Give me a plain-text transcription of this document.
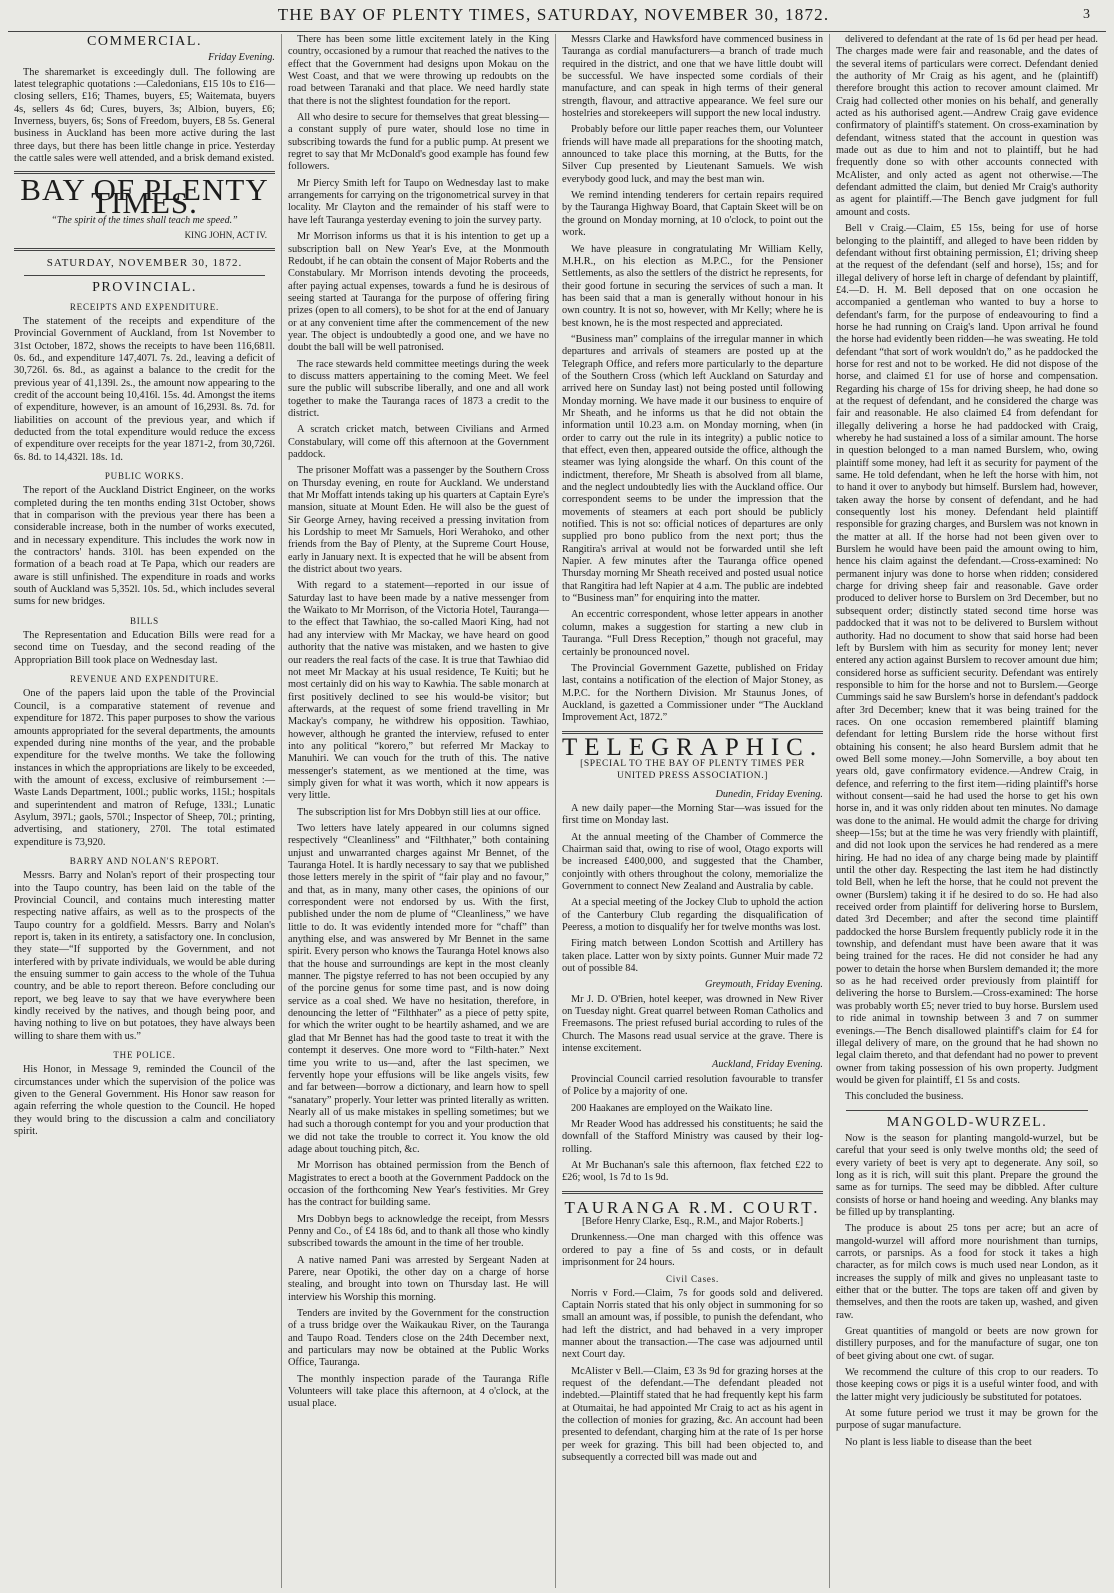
THE BAY OF PLENTY TIMES, SATURDAY, NOVEMBER 30, 1872.	3
COMMERCIAL.
Friday Evening.

The sharemarket is exceedingly dull. The following are latest telegraphic quotations :—Caledonians, £15 10s to £16—closing sellers, £16; Thames, buyers, £5; Waitemata, buyers 4s, sellers 4s 6d; Cures, buyers, 3s; Albion, buyers, £6; Inverness, buyers, 6s; Sons of Freedom, buyers, £8 5s. General business in Auckland has been more active during the last three days, but there has been little change in price. Yesterday the cattle sales were well attended, and a brisk demand existed.

BAY OF PLENTY TIMES.
“The spirit of the times shall teach me speed.”
KING JOHN, ACT IV.
SATURDAY, NOVEMBER 30, 1872.
PROVINCIAL.
RECEIPTS AND EXPENDITURE.

The statement of the receipts and expenditure of the Provincial Government of Auckland, from 1st November to 31st October, 1872, shows the receipts to have been 116,681l. 0s. 6d., and expenditure 147,407l. 7s. 2d., leaving a deficit of 30,726l. 6s. 8d., as against a balance to the credit for the previous year of 41,139l. 2s., the amount now appearing to the credit of the account being 10,416l. 15s. 4d. Amongst the items of expenditure, however, is an amount of 16,293l. 8s. 7d. for liabilities on account of the previous year, and which if deducted from the total expenditure would reduce the excess of expenditure over receipts for the year 1871-2, from 30,726l. 6s. 8d. to 14,432l. 18s. 1d.

PUBLIC WORKS.

The report of the Auckland District Engineer, on the works completed during the ten months ending 31st October, shows that in comparison with the previous year there has been a considerable increase, both in the number of works executed, and in necessary expenditure. This includes the work now in the contractors' hands. 310l. has been expended on the formation of a beach road at Te Papa, which our readers are aware is still unfinished. The expenditure in roads and works south of Auckland was 5,352l. 10s. 5d., which includes several sums for new bridges.

BILLS

The Representation and Education Bills were read for a second time on Tuesday, and the second reading of the Appropriation Bill took place on Wednesday last.

REVENUE AND EXPENDITURE.

One of the papers laid upon the table of the Provincial Council, is a comparative statement of revenue and expenditure for 1872. This paper purposes to show the various amounts appropriated for the several departments, the amounts expended during nine months of the year, and the probable expenditure for the twelve months. We take the following instances in which the appropriations are likely to be exceeded, with the amount of excess, exclusive of reimbursement :—Waste Lands Department, 100l.; public works, 115l.; hospitals and superintendent and matron of Refuge, 133l.; Lunatic Asylum, 397l.; gaols, 570l.; Inspector of Sheep, 70l.; printing, advertising, and stationery, 270l. The total estimated expenditure is 73,920.

BARRY AND NOLAN'S REPORT.

Messrs. Barry and Nolan's report of their prospecting tour into the Taupo country, has been laid on the table of the Provincial Council, and contains much interesting matter respecting native affairs, as well as to the prospects of the Taupo country for a goldfield. Messrs. Barry and Nolan's report is, taken in its entirety, a satisfactory one. In conclusion, they state—“If supported by the Government, and not interfered with by private individuals, we would be able during the ensuing summer to gain access to the whole of the Tuhua country, and be able to report thereon. Before concluding our report, we beg leave to say that we have everywhere been kindly received by the natives, and though being poor, and having nothing to live on but potatoes, they have always been willing to share them with us.”

THE POLICE.

His Honor, in Message 9, reminded the Council of the circumstances under which the supervision of the police was given to the General Government. His Honor saw reason for again referring the whole question to the Council. He hoped they would bring to the discussion a calm and conciliatory spirit.

There has been some little excitement lately in the King country, occasioned by a rumour that reached the natives to the effect that the Government had designs upon Mokau on the West Coast, and that we were throwing up redoubts on the road between Taranaki and that place. We need hardly state that there is not the slightest foundation for the report.

All who desire to secure for themselves that great blessing—a constant supply of pure water, should lose no time in subscribing towards the fund for a public pump. At present we regret to say that Mr McDonald's good example has found few followers.

Mr Piercy Smith left for Taupo on Wednesday last to make arrangements for carrying on the trigonometrical survey in that locality. Mr Clayton and the remainder of his staff were to have left Tauranga yesterday evening to join the survey party.

Mr Morrison informs us that it is his intention to get up a subscription ball on New Year's Eve, at the Monmouth Redoubt, if he can obtain the consent of Major Roberts and the Constabulary. Mr Morrison intends devoting the proceeds, after paying actual expenses, towards a fund he is desirous of seeing started at Tauranga for the purpose of offering firing prizes (open to all comers), to be shot for at the end of January or at any convenient time after the commencement of the new year. The object is undoubtedly a good one, and we have no doubt the ball will be well patronised.

The race stewards held committee meetings during the week to discuss matters appertaining to the coming Meet. We feel sure the public will subscribe liberally, and one and all work together to make the Tauranga races of 1873 a credit to the district.

A scratch cricket match, between Civilians and Armed Constabulary, will come off this afternoon at the Government paddock.

The prisoner Moffatt was a passenger by the Southern Cross on Thursday evening, en route for Auckland. We understand that Mr Moffatt intends taking up his quarters at Captain Eyre's mansion, situate at Mount Eden. He will also be the guest of Sir George Arney, having received a pressing invitation from his Lordship to meet Mr Samuels, Hori Werahoko, and other friends from the Bay of Plenty, at the Supreme Court House, early in January next. It is expected that he will be absent from the district about two years.

With regard to a statement—reported in our issue of Saturday last to have been made by a native messenger from the Waikato to Mr Morrison, of the Victoria Hotel, Tauranga—to the effect that Tawhiao, the so-called Maori King, had not had any interview with Mr Mackay, we have heard on good authority that the native was mistaken, and we hasten to give our readers the real facts of the case. It is true that Tawhiao did not meet Mr Mackay at his usual residence, Te Kuiti; but he most certainly did on his way to Kawhia. The sable monarch at first positively declined to see his would-be visitor; but afterwards, at the request of some friend travelling in Mr Mackay's company, he withdrew his opposition. Tawhiao, however, although he granted the interview, refused to enter into any political “korero,” but referred Mr Mackay to Manuhiri. We can vouch for the truth of this. The native messenger's statement, as we mentioned at the time, was simply given for what it was worth, which it now appears is very little.

The subscription list for Mrs Dobbyn still lies at our office.

Two letters have lately appeared in our columns signed respectively “Cleanliness” and “Filthhater,” both containing unjust and unwarranted charges against Mr Bennet, of the Tauranga Hotel. It is hardly necessary to say that we published those letters merely in the spirit of “fair play and no favour,” and that, as in many, many other cases, the opinions of our correspondent were not endorsed by us. With the first, published under the nom de plume of “Cleanliness,” we have little to do. It was evidently intended more for “chaff” than anything else, and was answered by Mr Bennet in the same spirit. Every person who knows the Tauranga Hotel knows also that the house and surroundings are kept in the most cleanly manner. The pigstye referred to has not been occupied by any of the porcine genus for some time past, and is now doing service as a coal shed. We have no hesitation, therefore, in denouncing the letter of “Filthhater” as a piece of petty spite, for which the writer ought to be heartily ashamed, and we are glad that Mr Bennet has had the good taste to treat it with the contempt it deserves. One more word to “Filth-hater.” Next time you write to us—and, after the last specimen, we fervently hope your effusions will be like angels visits, few and far between—borrow a dictionary, and learn how to spell “sanatary” properly. Your letter was printed literally as written. Nearly all of us make mistakes in spelling sometimes; but we had such a thorough contempt for you and your production that we did not take the trouble to correct it. You know the old adage about touching pitch, &c.

Mr Morrison has obtained permission from the Bench of Magistrates to erect a booth at the Government Paddock on the occasion of the forthcoming New Year's festivities. Mr Grey has the contract for building same.

Mrs Dobbyn begs to acknowledge the receipt, from Messrs Penny and Co., of £4 18s 6d, and to thank all those who kindly subscribed towards the amount in the time of her trouble.

A native named Pani was arrested by Sergeant Naden at Parere, near Opotiki, the other day on a charge of horse stealing, and brought into town on Thursday last. He will interview his Worship this morning.

Tenders are invited by the Government for the construction of a truss bridge over the Waikaukau River, on the Tauranga and Taupo Road. Tenders close on the 24th December next, and particulars may now be obtained at the Public Works Office, Tauranga.

The monthly inspection parade of the Tauranga Rifle Volunteers will take place this afternoon, at 4 o'clock, at the usual place.

Messrs Clarke and Hawksford have commenced business in Tauranga as cordial manufacturers—a branch of trade much required in the district, and one that we have little doubt will be successful. We have inspected some cordials of their manufacture, and can speak in high terms of their general strength, flavour, and attractive appearance. We feel sure our hostelries and storekeepers will support the new local industry.

Probably before our little paper reaches them, our Volunteer friends will have made all preparations for the shooting match, announced to take place this morning, at the Butts, for the Silver Cup presented by Lieutenant Samuels. We wish everybody good luck, and may the best man win.

We remind intending tenderers for certain repairs required by the Tauranga Highway Board, that Captain Skeet will be on the ground on Monday morning, at 10 o'clock, to point out the work.

We have pleasure in congratulating Mr William Kelly, M.H.R., on his election as M.P.C., for the Pensioner Settlements, as also the settlers of the district he represents, for their good fortune in securing the services of such a man. It has been said that a man is generally without honour in his own country. It is not so, however, with Mr Kelly; where he is best known, he is the most respected and appreciated.

“Business man” complains of the irregular manner in which departures and arrivals of steamers are posted up at the Telegraph Office, and refers more particularly to the departure of the Southern Cross (which left Auckland on Saturday and arrived here on Sunday last) not being posted until following Monday morning. We have made it our business to enquire of Mr Sheath, and he informs us that he did not obtain the information until 10.23 a.m. on Monday morning, when (in order to carry out the rule in its integrity) a public notice to that effect, even then, appeared outside the office, although the steamer was lying alongside the wharf. On this count of the indictment, therefore, Mr Sheath is absolved from all blame, and the neglect undoubtedly lies with the Auckland office. Our correspondent seems to be under the impression that the movements of steamers at each port should be publicly notified. This is not so: official notices of departures are only supplied pro bono publico from the next port; thus the Rangitira's arrival at would not be forwarded until she left Napier. A few minutes after the Tauranga office opened Thursday morning Mr Sheath received and posted usual notice that Rangitira had left Napier at 4 a.m. The public are indebted to “Business man” for enquiring into the matter.

An eccentric correspondent, whose letter appears in another column, makes a suggestion for starting a new club in Tauranga. “Full Dress Reception,” though not graceful, may certainly be pronounced novel.

The Provincial Government Gazette, published on Friday last, contains a notification of the election of Major Stoney, as M.P.C. for the Northern Division. Mr Staunus Jones, of Auckland, is gazetted a Commissioner under “The Auckland Improvement Act, 1872.”

TELEGRAPHIC.
[SPECIAL TO THE BAY OF PLENTY TIMES PER UNITED PRESS ASSOCIATION.]
Dunedin, Friday Evening.

A new daily paper—the Morning Star—was issued for the first time on Monday last.

At the annual meeting of the Chamber of Commerce the Chairman said that, owing to rise of wool, Otago exports will be increased £400,000, and suggested that the Chamber, conjointly with others throughout the colony, memorialize the Government to connect New Zealand and Australia by cable.

At a special meeting of the Jockey Club to uphold the action of the Canterbury Club regarding the disqualification of Peeress, a motion to disqualify her for twelve months was lost.

Firing match between London Scottish and Artillery has taken place. Latter won by sixty points. Gunner Muir made 72 out of possible 84.

Greymouth, Friday Evening.

Mr J. D. O'Brien, hotel keeper, was drowned in New River on Tuesday night. Great quarrel between Roman Catholics and Freemasons. The priest refused burial according to rules of the Church. The Masons read usual service at the grave. There is intense excitement.

Auckland, Friday Evening.

Provincial Council carried resolution favourable to transfer of Police by a majority of one.

200 Haakanes are employed on the Waikato line.

Mr Reader Wood has addressed his constituents; he said the downfall of the Stafford Ministry was caused by their log-rolling.

At Mr Buchanan's sale this afternoon, flax fetched £22 to £26; wool, 1s 7d to 1s 9d.

TAURANGA R.M. COURT.
[Before Henry Clarke, Esq., R.M., and Major Roberts.]

Drunkenness.—One man charged with this offence was ordered to pay a fine of 5s and costs, or in default imprisonment for 24 hours.

Civil Cases.

Norris v Ford.—Claim, 7s for goods sold and delivered. Captain Norris stated that his only object in summoning for so small an amount was, if possible, to punish the defendant, who had left the district, and had behaved in a very improper manner about the transaction.—The case was adjourned until next Court day.

McAlister v Bell.—Claim, £3 3s 9d for grazing horses at the request of the defendant.—The defendant pleaded not indebted.—Plaintiff stated that he had frequently kept his farm at Otumaitai, he had appointed Mr Craig to act as his agent in the collection of monies for grazing, &c. An account had been presented to defendant, charging him at the rate of 1s per horse per week for grazing. This bill had been objected to, and subsequently a corrected bill was made out and

delivered to defendant at the rate of 1s 6d per head per head. The charges made were fair and reasonable, and the dates of the several items of particulars were correct. Defendant denied the authority of Mr Craig as his agent, and he (plaintiff) therefore brought this action to recover amount claimed. Mr Craig had collected other monies on his behalf, and generally acted as his authorised agent.—Andrew Craig gave evidence confirmatory of plaintiff's statement. On cross-examination by defendant, witness stated that the account in question was made out as due to him and not to plaintiff, but he had frequently done so with other accounts connected with McAlister, and only acted as agent not otherwise.—The defendant admitted the claim, but denied Mr Craig's authority as agent for plaintiff.—The Bench gave judgment for full amount and costs.

Bell v Craig.—Claim, £5 15s, being for use of horse belonging to the plaintiff, and alleged to have been ridden by defendant without first obtaining permission, £1; driving sheep at the request of the defendant (self and horse), 15s; and for illegal delivery of horse left in charge of defendant by plaintiff, £4.—D. H. M. Bell deposed that on one occasion he accompanied a gentleman who wanted to buy a horse to defendant's farm, for the purpose of endeavouring to find a horse he had running on Craig's land. Upon arrival he found the horse had evidently been ridden—he was sweating. He told defendant “that sort of work wouldn't do,” as he paddocked the horse for rest and not to be worked. He did not dispose of the horse, and claimed £1 for use of horse and compensation. Regarding his charge of 15s for driving sheep, he had done so at the request of defendant, and he considered the charge was fair and reasonable. He also claimed £4 from defendant for illegally delivering a horse he had paddocked with Craig, whereby he had sustained a loss of a similar amount. The horse in question belonged to a man named Burslem, who, owing plaintiff some money, had left it as security for payment of the same. He told defendant, when he left the horse with him, not to hand it over to anybody but himself. Burslem had, however, taken away the horse by consent of defendant, and he had consequently lost his money. Defendant held plaintiff responsible for grazing charges, and Burslem was not known in the matter at all. If the horse had not been given over to Burslem he would have been paid the amount owing to him, hence his claim against the defendant.—Cross-examined: No permanent injury was done to horse when ridden; considered charge for driving sheep fair and reasonable. Gave order produced to deliver horse to Burslem on 3rd December, but no subsequent order; distinctly stated second time horse was paddocked that it was not to be delivered to Burslem without authority. Had no document to show that said horse had been left by Burslem with him as security for money lent; never entered any action against Burslem to recover amount due him; considered horse as sufficient security. Defendant was entirely responsible to him for the horse and not to Burslem.—George Cummings said he saw Burslem's horse in defendant's paddock after 3rd December; knew that it was being trained for the races. On one occasion remembered plaintiff blaming defendant for letting Burslem ride the horse without first obtaining his consent; he also heard Burslem admit that he owed Bell some money.—John Somerville, a boy about ten years old, gave confirmatory evidence.—Andrew Craig, in defence, and referring to the first item—riding plaintiff's horse without consent—said he had used the horse to get his own horse in, and it was only ridden about ten minutes. No damage was done to the animal. He would admit the charge for driving sheep—15s; but at the time he was very friendly with plaintiff, and did not look upon the services he had rendered as a mere hiring. He had no idea of any charge being made by plaintiff until the other day. Respecting the last item he had distinctly told Bell, when he left the horse, that he could not prevent the owner (Burslem) taking it if he desired to do so. He had also received order from plaintiff for delivering horse to Burslem, dated 3rd December; and after the second time plaintiff paddocked the horse Burslem frequently publicly rode it in the township, and defendant must have been aware that it was being trained for the races. He did not consider he had any power to detain the horse when Burslem demanded it; the more so as he had received order previously from plaintiff for delivering the horse to Burslem.—Cross-examined: The horse was probably worth £5; never tried to buy horse. Burslem used to ride animal in township between 3 and 7 on summer evenings.—The Bench disallowed plaintiff's claim for £4 for illegal delivery of mare, on the ground that he had shown no legal claim thereto, and that defendant had no power to prevent owner from taking possession of his own property. Judgment would be given for plaintiff, £1 5s and costs.

This concluded the business.

MANGOLD-WURZEL.

Now is the season for planting mangold-wurzel, but be careful that your seed is only twelve months old; the seed of every variety of beet is very apt to degenerate. Any soil, so long as it is rich, will suit this plant. Prepare the ground the same as for turnips. The seed may be dibbled. After culture consists of horse or hand hoeing and weeding. Any blanks may be filled up by transplanting.

The produce is about 25 tons per acre; but an acre of mangold-wurzel will afford more nourishment than turnips, carrots, or parsnips. As a food for stock it takes a high character, as for milch cows is much used near London, as it increases the supply of milk and gives no unpleasant taste to either that or the butter. The tops are taken off and given by themselves, and then the roots are taken up, washed, and given raw.

Great quantities of mangold or beets are now grown for distillery purposes, and for the manufacture of sugar, one ton of beet giving about one cwt. of sugar.

We recommend the culture of this crop to our readers. To those keeping cows or pigs it is a useful winter food, and with the latter might very judiciously be substituted for potatoes.

At some future period we trust it may be grown for the purpose of sugar manufacture.

No plant is less liable to disease than the beet
